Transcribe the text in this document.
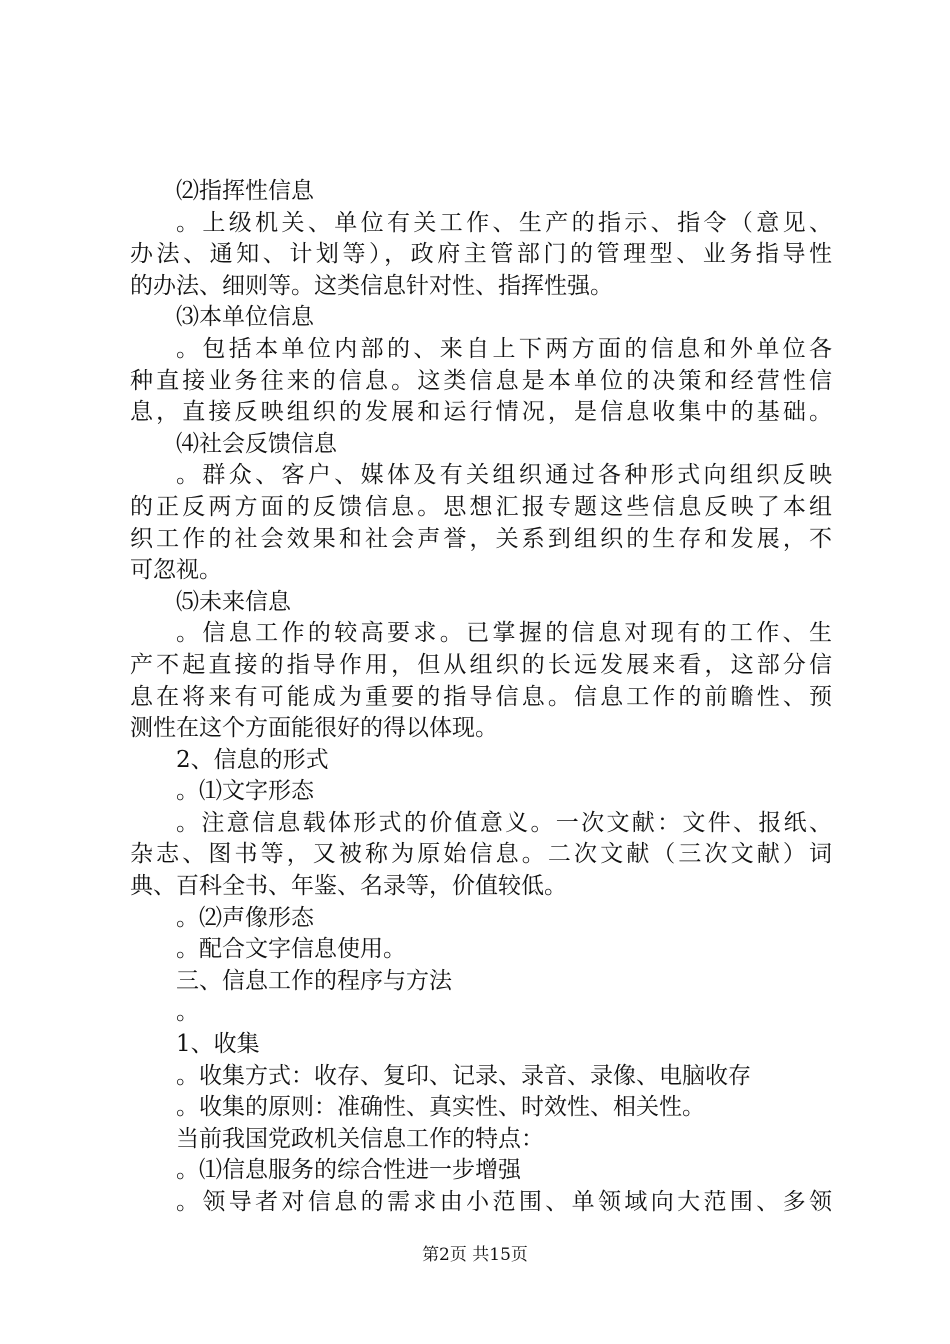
⑵指挥性信息
。上级机关、单位有关工作、生产的指示、指令（意见、
办法、通知、计划等），政府主管部门的管理型、业务指导性
的办法、细则等。这类信息针对性、指挥性强。
⑶本单位信息
。包括本单位内部的、来自上下两方面的信息和外单位各
种直接业务往来的信息。这类信息是本单位的决策和经营性信
息，直接反映组织的发展和运行情况，是信息收集中的基础。
⑷社会反馈信息
。群众、客户、媒体及有关组织通过各种形式向组织反映
的正反两方面的反馈信息。思想汇报专题这些信息反映了本组
织工作的社会效果和社会声誉，关系到组织的生存和发展，不
可忽视。
⑸未来信息
。信息工作的较高要求。已掌握的信息对现有的工作、生
产不起直接的指导作用，但从组织的长远发展来看，这部分信
息在将来有可能成为重要的指导信息。信息工作的前瞻性、预
测性在这个方面能很好的得以体现。
2、信息的形式
。⑴文字形态
。注意信息载体形式的价值意义。一次文献：文件、报纸、
杂志、图书等，又被称为原始信息。二次文献（三次文献）词
典、百科全书、年鉴、名录等，价值较低。
。⑵声像形态
。配合文字信息使用。
三、信息工作的程序与方法
。
1、收集
。收集方式：收存、复印、记录、录音、录像、电脑收存
。收集的原则：准确性、真实性、时效性、相关性。
当前我国党政机关信息工作的特点：
。⑴信息服务的综合性进一步增强
。领导者对信息的需求由小范围、单领域向大范围、多领
第2页 共15页
